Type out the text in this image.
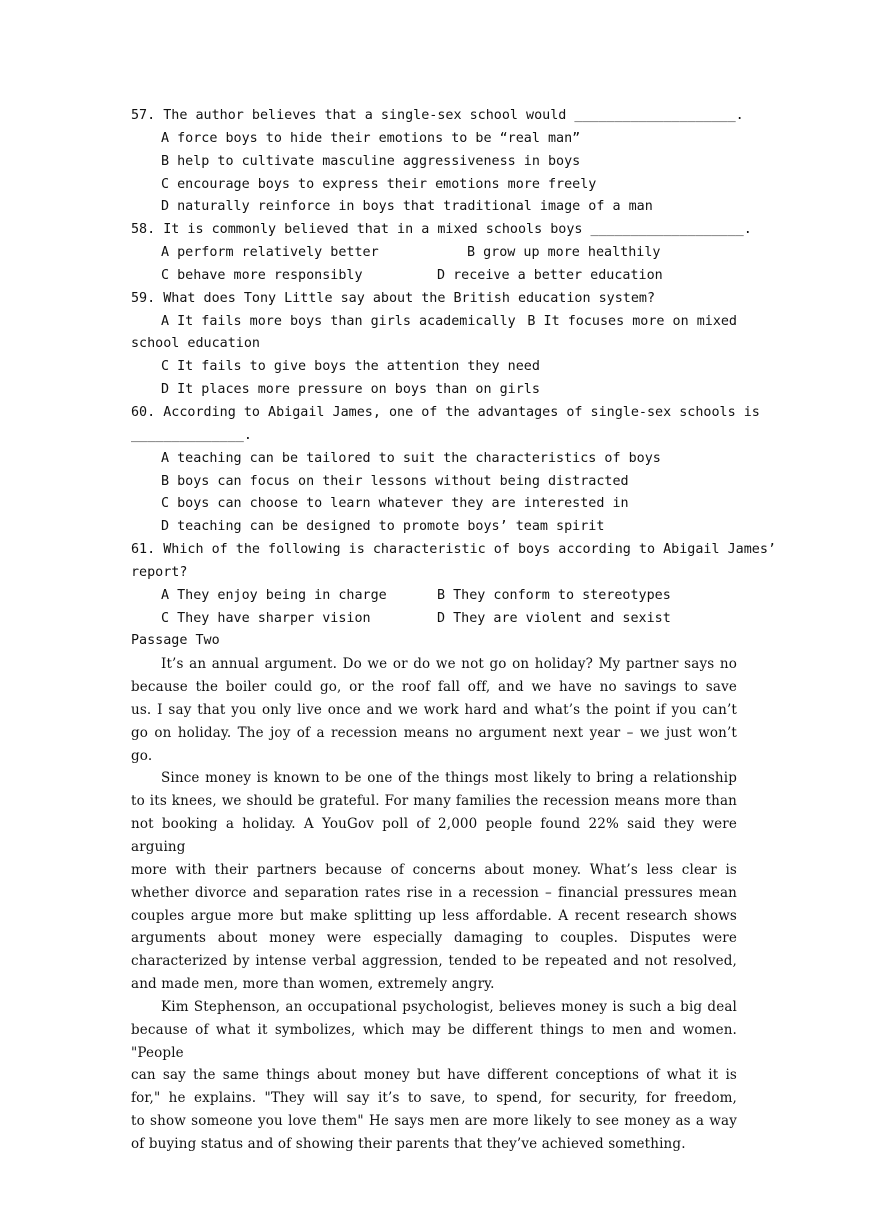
57. The author believes that a single-sex school would ____________________.
A force boys to hide their emotions to be “real man”
B help to cultivate masculine aggressiveness in boys
C encourage boys to express their emotions more freely
D naturally reinforce in boys that traditional image of a man
58. It is commonly believed that in a mixed schools boys ___________________.
A perform relatively better	B grow up more healthily
C behave more responsibly	D receive a better education
59. What does Tony Little say about the British education system?
A It fails more boys than girls academically B It focuses more on mixed
school education
C It fails to give boys the attention they need
D It places more pressure on boys than on girls
60. According to Abigail James, one of the advantages of single-sex schools is
______________.
A teaching can be tailored to suit the characteristics of boys
B boys can focus on their lessons without being distracted
C boys can choose to learn whatever they are interested in
D teaching can be designed to promote boys’ team spirit
61. Which of the following is characteristic of boys according to Abigail James’
report?
A They enjoy being in charge	B They conform to stereotypes
C They have sharper vision	D They are violent and sexist
Passage Two
It’s an annual argument. Do we or do we not go on holiday? My partner says no
because the boiler could go, or the roof fall off, and we have no savings to save
us. I say that you only live once and we work hard and what’s the point if you can’t
go on holiday. The joy of a recession means no argument next year – we just won’t
go.
Since money is known to be one of the things most likely to bring a relationship
to its knees, we should be grateful. For many families the recession means more than
not booking a holiday. A YouGov poll of 2,000 people found 22% said they were arguing
more with their partners because of concerns about money. What’s less clear is
whether divorce and separation rates rise in a recession – financial pressures mean
couples argue more but make splitting up less affordable. A recent research shows
arguments about money were especially damaging to couples. Disputes were
characterized by intense verbal aggression, tended to be repeated and not resolved,
and made men, more than women, extremely angry.
Kim Stephenson, an occupational psychologist, believes money is such a big deal
because of what it symbolizes, which may be different things to men and women. "People
can say the same things about money but have different conceptions of what it is
for," he explains. "They will say it’s to save, to spend, for security, for freedom,
to show someone you love them" He says men are more likely to see money as a way
of buying status and of showing their parents that they’ve achieved something.
